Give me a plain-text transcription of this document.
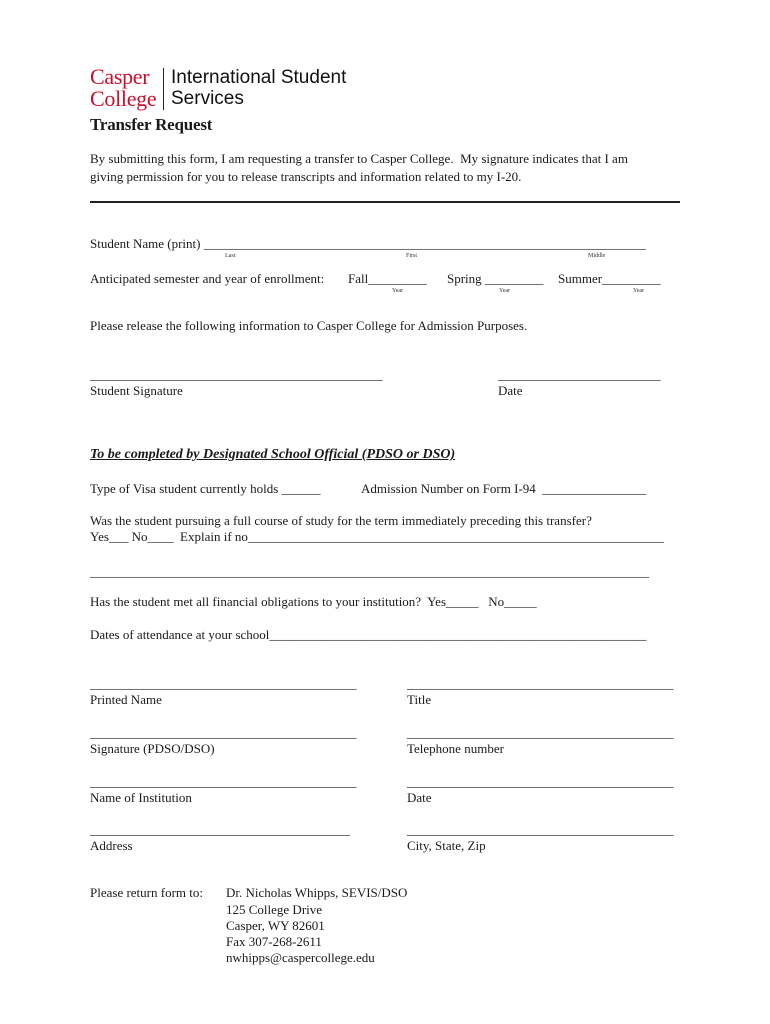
Casper
College
International Student
Services
Transfer Request
By submitting this form, I am requesting a transfer to Casper College.  My signature indicates that I am
giving permission for you to release transcripts and information related to my I-20.
Student Name (print) ____________________________________________________________________
Last	First	Middle
Anticipated semester and year of enrollment: Fall_________ Spring _________ Summer_________
Year	Year	Year
Please release the following information to Casper College for Admission Purposes.
_____________________________________________	_________________________
Student Signature	Date
To be completed by Designated School Official (PDSO or DSO)
Type of Visa student currently holds ______	Admission Number on Form I-94  ________________
Was the student pursuing a full course of study for the term immediately preceding this transfer?
Yes___ No____  Explain if no________________________________________________________________
______________________________________________________________________________________
Has the student met all financial obligations to your institution?  Yes_____   No_____
Dates of attendance at your school__________________________________________________________
_________________________________________	_________________________________________
Printed Name	Title
_________________________________________	_________________________________________
Signature (PDSO/DSO)	Telephone number
_________________________________________	_________________________________________
Name of Institution	Date
________________________________________	_________________________________________
Address	City, State, Zip
Please return form to: Dr. Nicholas Whipps, SEVIS/DSO
125 College Drive
Casper, WY 82601
Fax 307-268-2611
nwhipps@caspercollege.edu
